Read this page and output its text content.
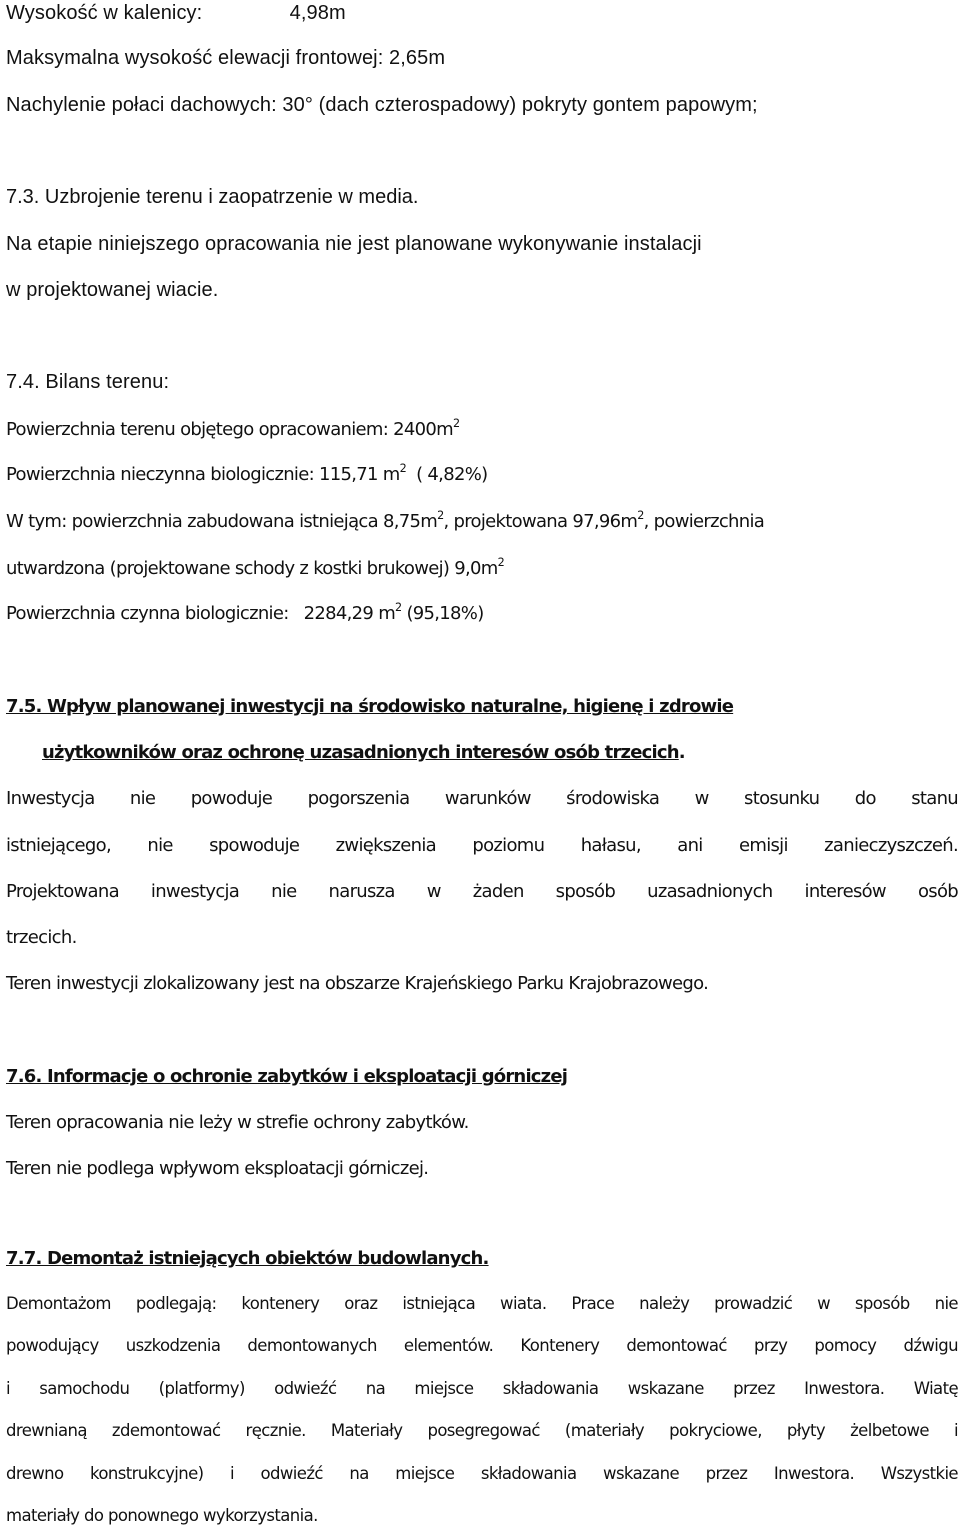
Wysokość w kalenicy:	4,98m
Maksymalna wysokość elewacji frontowej: 2,65m
Nachylenie połaci dachowych: 30° (dach czterospadowy) pokryty gontem papowym;
7.3. Uzbrojenie terenu i zaopatrzenie w media.
Na etapie niniejszego opracowania nie jest planowane wykonywanie instalacji
w projektowanej wiacie.
7.4. Bilans terenu:
Powierzchnia terenu objętego opracowaniem: $2400m^2$
Powierzchnia nieczynna biologicznie: 115,71 $m^2$  ( 4,82%)
W tym: powierzchnia zabudowana istniejąca $8,75m^2$, projektowana $97,96m^2$, powierzchnia
utwardzona (projektowane schody z kostki brukowej) $9,0m^2$
Powierzchnia czynna biologicznie:   2284,29 $m^2$ (95,18%)
7.5. Wpływ planowanej inwestycji na środowisko naturalne, higienę i zdrowie
użytkowników oraz ochronę uzasadnionych interesów osób trzecich.
Inwestycja nie powoduje pogorszenia warunków środowiska w stosunku do stanu
istniejącego, nie spowoduje zwiększenia poziomu hałasu, ani emisji zanieczyszczeń.
Projektowana inwestycja nie narusza w żaden sposób uzasadnionych interesów osób
trzecich.
Teren inwestycji zlokalizowany jest na obszarze Krajeńskiego Parku Krajobrazowego.
7.6. Informacje o ochronie zabytków i eksploatacji górniczej
Teren opracowania nie leży w strefie ochrony zabytków.
Teren nie podlega wpływom eksploatacji górniczej.
7.7. Demontaż istniejących obiektów budowlanych.
Demontażom podlegają: kontenery oraz istniejąca wiata. Prace należy prowadzić w sposób nie
powodujący uszkodzenia demontowanych elementów. Kontenery demontować przy pomocy dźwigu
i samochodu (platformy) odwieźć na miejsce składowania wskazane przez Inwestora. Wiatę
drewnianą zdemontować ręcznie. Materiały posegregować (materiały pokryciowe, płyty żelbetowe i
drewno konstrukcyjne) i odwieźć na miejsce składowania wskazane przez Inwestora. Wszystkie
materiały do ponownego wykorzystania.
